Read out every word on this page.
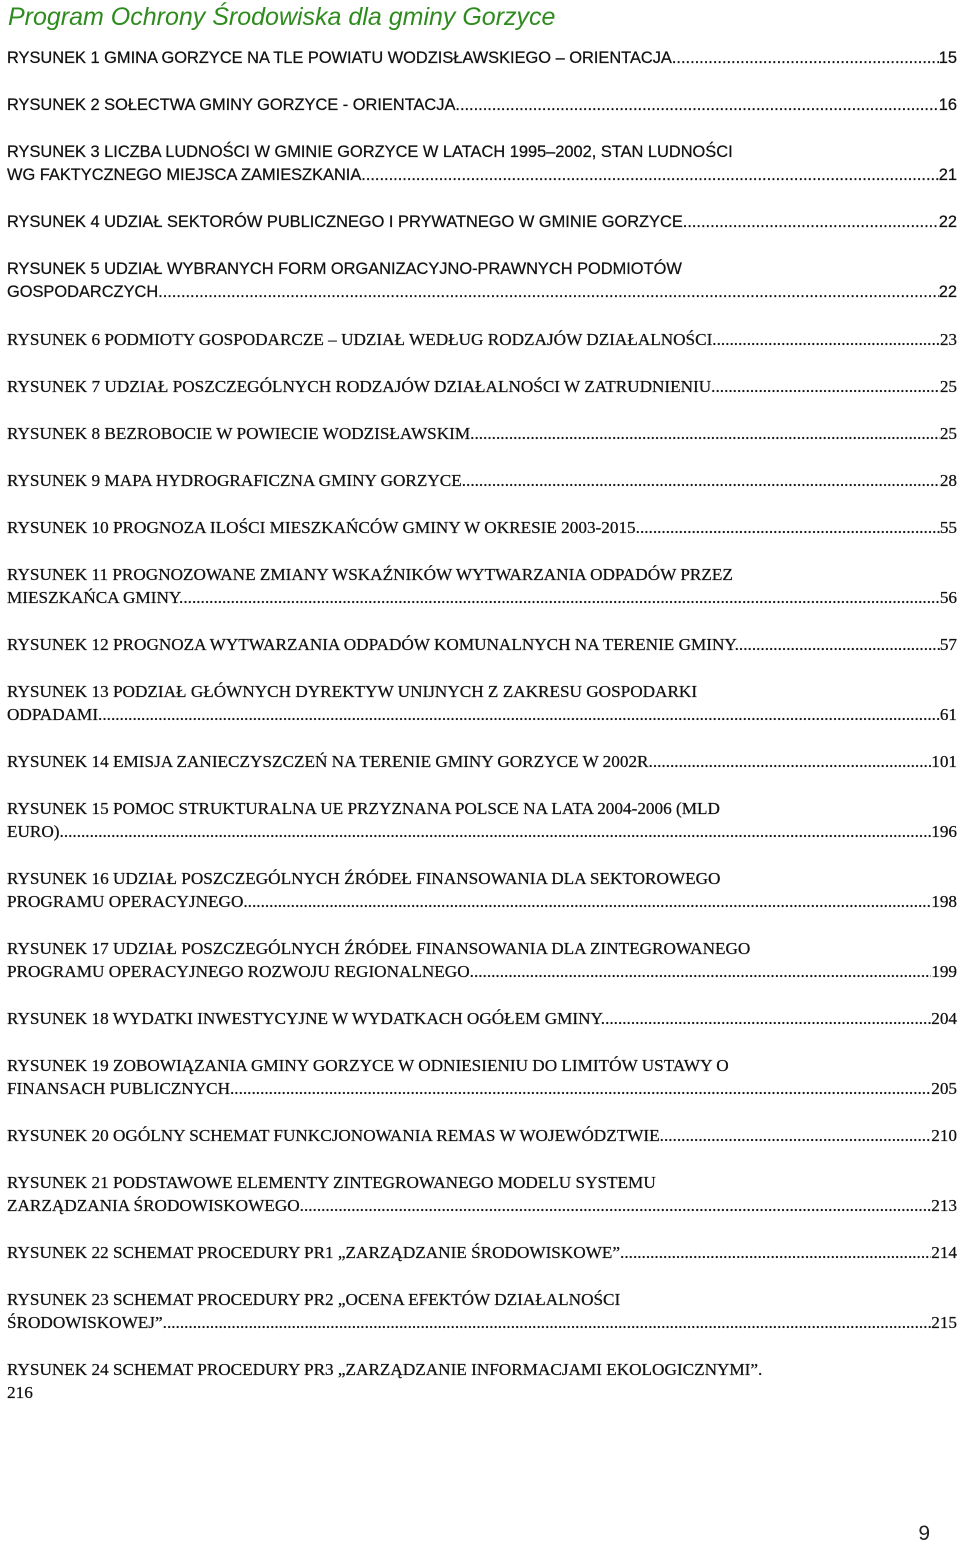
Program Ochrony Środowiska dla gminy Gorzyce
RYSUNEK 1 GMINA GORZYCE NA TLE POWIATU WODZISŁAWSKIEGO – ORIENTACJA. .....	15
RYSUNEK 2 SOŁECTWA GMINY GORZYCE - ORIENTACJA .....	16
RYSUNEK 3 LICZBA LUDNOŚCI W GMINIE GORZYCE W LATACH 1995–2002, STAN LUDNOŚCI
WG FAKTYCZNEGO MIEJSCA ZAMIESZKANIA. .....	21
RYSUNEK 4 UDZIAŁ SEKTORÓW PUBLICZNEGO I PRYWATNEGO W GMINIE GORZYCE. .....	22
RYSUNEK 5 UDZIAŁ WYBRANYCH FORM ORGANIZACYJNO-PRAWNYCH PODMIOTÓW
GOSPODARCZYCH. .....	22
RYSUNEK 6 PODMIOTY GOSPODARCZE – UDZIAŁ WEDŁUG RODZAJÓW DZIAŁALNOŚCI. .....	23
RYSUNEK 7 UDZIAŁ POSZCZEGÓLNYCH RODZAJÓW DZIAŁALNOŚCI W ZATRUDNIENIU. .....	25
RYSUNEK 8 BEZROBOCIE W POWIECIE WODZISŁAWSKIM. .....	25
RYSUNEK 9 MAPA HYDROGRAFICZNA GMINY GORZYCE. .....	28
RYSUNEK 10 PROGNOZA ILOŚCI MIESZKAŃCÓW GMINY W OKRESIE 2003-2015. .....	55
RYSUNEK 11 PROGNOZOWANE ZMIANY WSKAŹNIKÓW WYTWARZANIA ODPADÓW PRZEZ
MIESZKAŃCA GMINY. .....	56
RYSUNEK 12 PROGNOZA WYTWARZANIA ODPADÓW KOMUNALNYCH NA TERENIE GMINY. .....	57
RYSUNEK 13 PODZIAŁ GŁÓWNYCH DYREKTYW UNIJNYCH Z ZAKRESU GOSPODARKI
ODPADAMI. .....	61
RYSUNEK 14 EMISJA ZANIECZYSZCZEŃ NA TERENIE GMINY GORZYCE W 2002R. .....	101
RYSUNEK 15 POMOC STRUKTURALNA UE PRZYZNANA POLSCE NA LATA 2004-2006 (MLD
EURO). .....	196
RYSUNEK 16 UDZIAŁ POSZCZEGÓLNYCH ŹRÓDEŁ FINANSOWANIA DLA SEKTOROWEGO
PROGRAMU OPERACYJNEGO. .....	198
RYSUNEK 17 UDZIAŁ POSZCZEGÓLNYCH ŹRÓDEŁ FINANSOWANIA DLA ZINTEGROWANEGO
PROGRAMU OPERACYJNEGO ROZWOJU REGIONALNEGO. .....	199
RYSUNEK 18 WYDATKI INWESTYCYJNE W WYDATKACH OGÓŁEM GMINY. .....	204
RYSUNEK 19 ZOBOWIĄZANIA GMINY GORZYCE W ODNIESIENIU DO LIMITÓW USTAWY O
FINANSACH PUBLICZNYCH. .....	205
RYSUNEK 20 OGÓLNY SCHEMAT FUNKCJONOWANIA REMAS W WOJEWÓDZTWIE. .....	210
RYSUNEK 21 PODSTAWOWE ELEMENTY ZINTEGROWANEGO MODELU SYSTEMU
ZARZĄDZANIA ŚRODOWISKOWEGO. .....	213
RYSUNEK 22 SCHEMAT PROCEDURY PR1 „ZARZĄDZANIE ŚRODOWISKOWE” .....	214
RYSUNEK 23 SCHEMAT PROCEDURY PR2 „OCENA EFEKTÓW DZIAŁALNOŚCI
ŚRODOWISKOWEJ” .....	215
RYSUNEK 24 SCHEMAT PROCEDURY PR3 „ZARZĄDZANIE INFORMACJAMI EKOLOGICZNYMI”.
216
9
